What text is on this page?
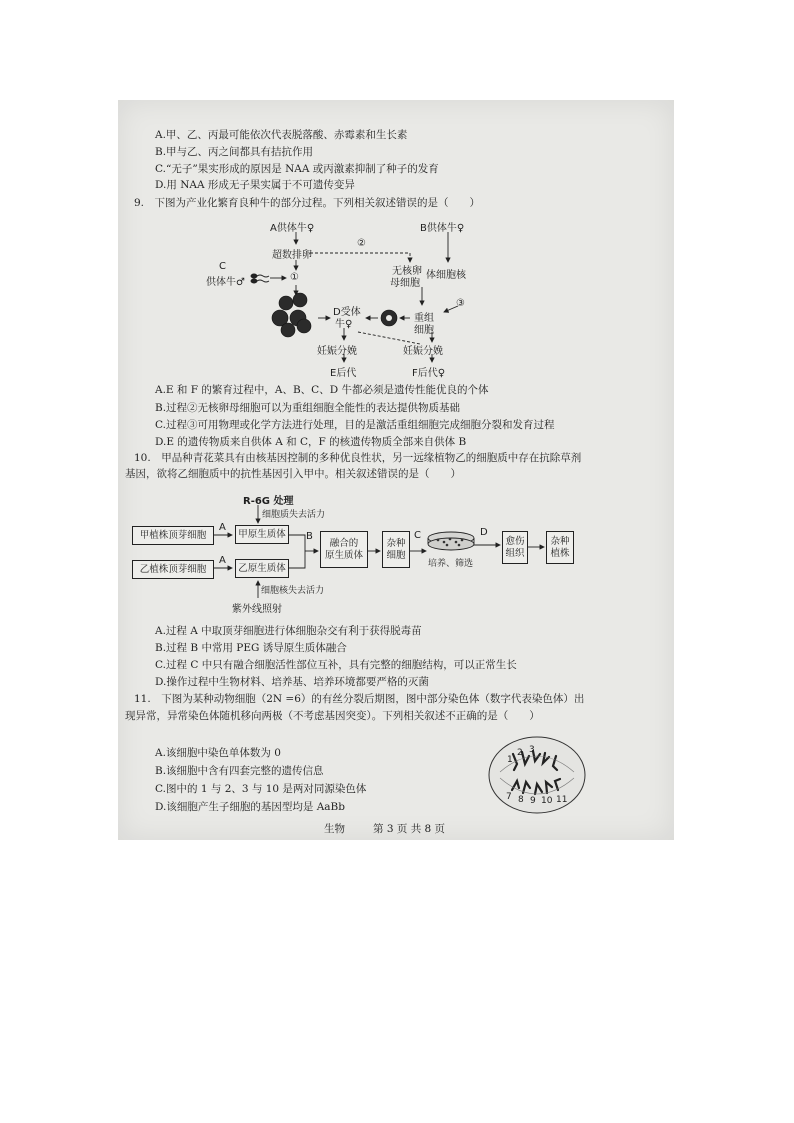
A.甲、乙、丙最可能依次代表脱落酸、赤霉素和生长素
B.甲与乙、丙之间都具有拮抗作用
C.“无子”果实形成的原因是 NAA 或丙激素抑制了种子的发育
D.用 NAA 形成无子果实属于不可遗传变异
9.　下图为产业化繁育良种牛的部分过程。下列相关叙述错误的是（　　）
A供体牛♀	B供体牛♀
超数排卵
②
①
C
供体牛♂
无核卵
母细胞
体细胞核
③
重组
细胞
D受体
牛♀
妊娠分娩	妊娠分娩
E后代	F后代♀
A.E 和 F 的繁育过程中，A、B、C、D 牛都必须是遗传性能优良的个体
B.过程②无核卵母细胞可以为重组细胞全能性的表达提供物质基础
C.过程③可用物理或化学方法进行处理，目的是激活重组细胞完成细胞分裂和发育过程
D.E 的遗传物质来自供体 A 和 C，F 的核遗传物质全部来自供体 B
10.　甲品种青花菜具有由核基因控制的多种优良性状，另一远缘植物乙的细胞质中存在抗除草剂
基因，欲将乙细胞质中的抗性基因引入甲中。相关叙述错误的是（　　）
R-6G 处理
细胞质失去活力
甲植株顶芽细胞
乙植株顶芽细胞
A
A
甲原生质体
乙原生质体
B
融合的
原生质体
杂种
细胞
C
培养、筛选
D
愈伤
组织
杂种
植株
细胞核失去活力
紫外线照射
A.过程 A 中取顶芽细胞进行体细胞杂交有利于获得脱毒苗
B.过程 B 中常用 PEG 诱导原生质体融合
C.过程 C 中只有融合细胞活性部位互补，具有完整的细胞结构，可以正常生长
D.操作过程中生物材料、培养基、培养环境都要严格的灭菌
11.　下图为某种动物细胞（2N =6）的有丝分裂后期图，图中部分染色体（数字代表染色体）出
现异常，异常染色体随机移向两极（不考虑基因突变）。下列相关叙述不正确的是（　　）
A.该细胞中染色单体数为 0
B.该细胞中含有四套完整的遗传信息
C.图中的 1 与 2、3 与 10 是两对同源染色体
D.该细胞产生子细胞的基因型均是 AaBb
1
2 3
7 8 9 10 11
生物	第 3 页 共 8 页
